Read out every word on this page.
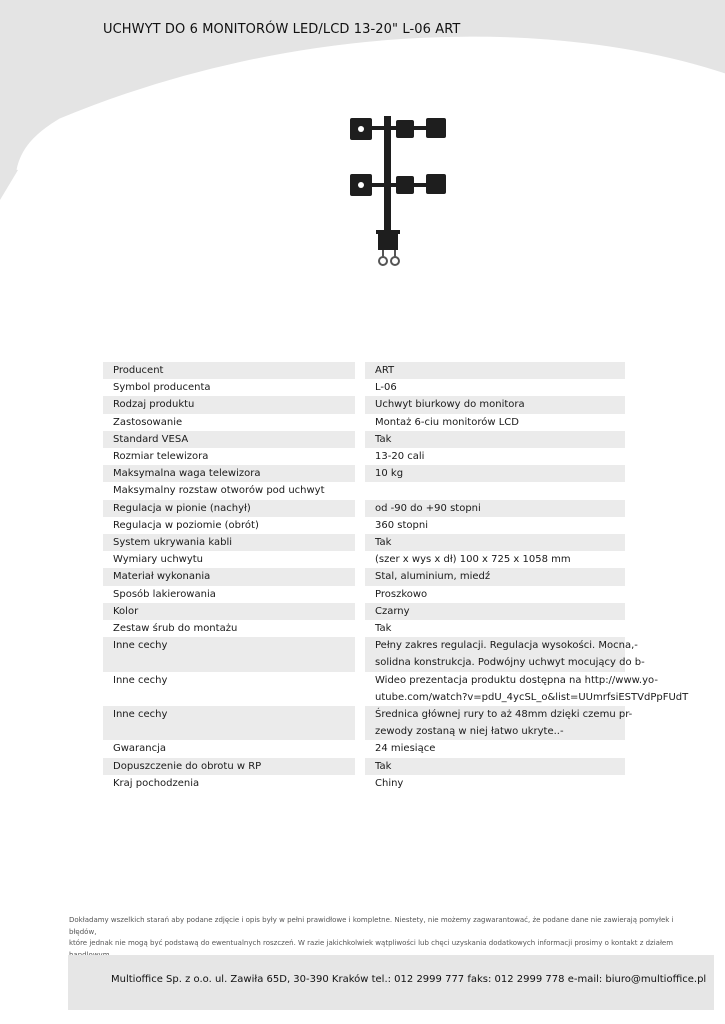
UCHWYT DO 6 MONITORÓW LED/LCD 13-20" L-06 ART
Producent	ART
Symbol producenta	L-06
Rodzaj produktu	Uchwyt biurkowy do monitora
Zastosowanie	Montaż 6-ciu monitorów LCD
Standard VESA	Tak
Rozmiar telewizora	13-20 cali
Maksymalna waga telewizora	10 kg
Maksymalny rozstaw otworów pod uchwyt
Regulacja w pionie (nachył)	od -90 do +90 stopni
Regulacja w poziomie (obrót)	360 stopni
System ukrywania kabli	Tak
Wymiary uchwytu	(szer x wys x dł) 100 x 725 x 1058 mm
Materiał wykonania	Stal, aluminium, miedź
Sposób lakierowania	Proszkowo
Kolor	Czarny
Zestaw śrub do montażu	Tak
Inne cechy	Pełny zakres regulacji. Regulacja wysokości. Mocna,-
solidna konstrukcja. Podwójny uchwyt mocujący do b-
Inne cechy	Wideo prezentacja produktu dostępna na http://www.yo-
utube.com/watch?v=pdU_4ycSL_o&list=UUmrfsiESTVdPpFUdT
Inne cechy	Średnica głównej rury to aż 48mm dzięki czemu pr-
zewody zostaną w niej łatwo ukryte..-
Gwarancja	24 miesiące
Dopuszczenie do obrotu w RP	Tak
Kraj pochodzenia	Chiny
Dokładamy wszelkich starań aby podane zdjęcie i opis były w pełni prawidłowe i kompletne. Niestety, nie możemy zagwarantować, że podane dane nie zawierają pomyłek i błędów,
które jednak nie mogą być podstawą do ewentualnych roszczeń. W razie jakichkolwiek wątpliwości lub chęci uzyskania dodatkowych informacji prosimy o kontakt z działem
Multioffice Sp. z o.o. ul. Zawiła 65D, 30-390 Kraków tel.: 012 2999 777 faks: 012 2999 778 e-mail: biuro@multioffice.pl
